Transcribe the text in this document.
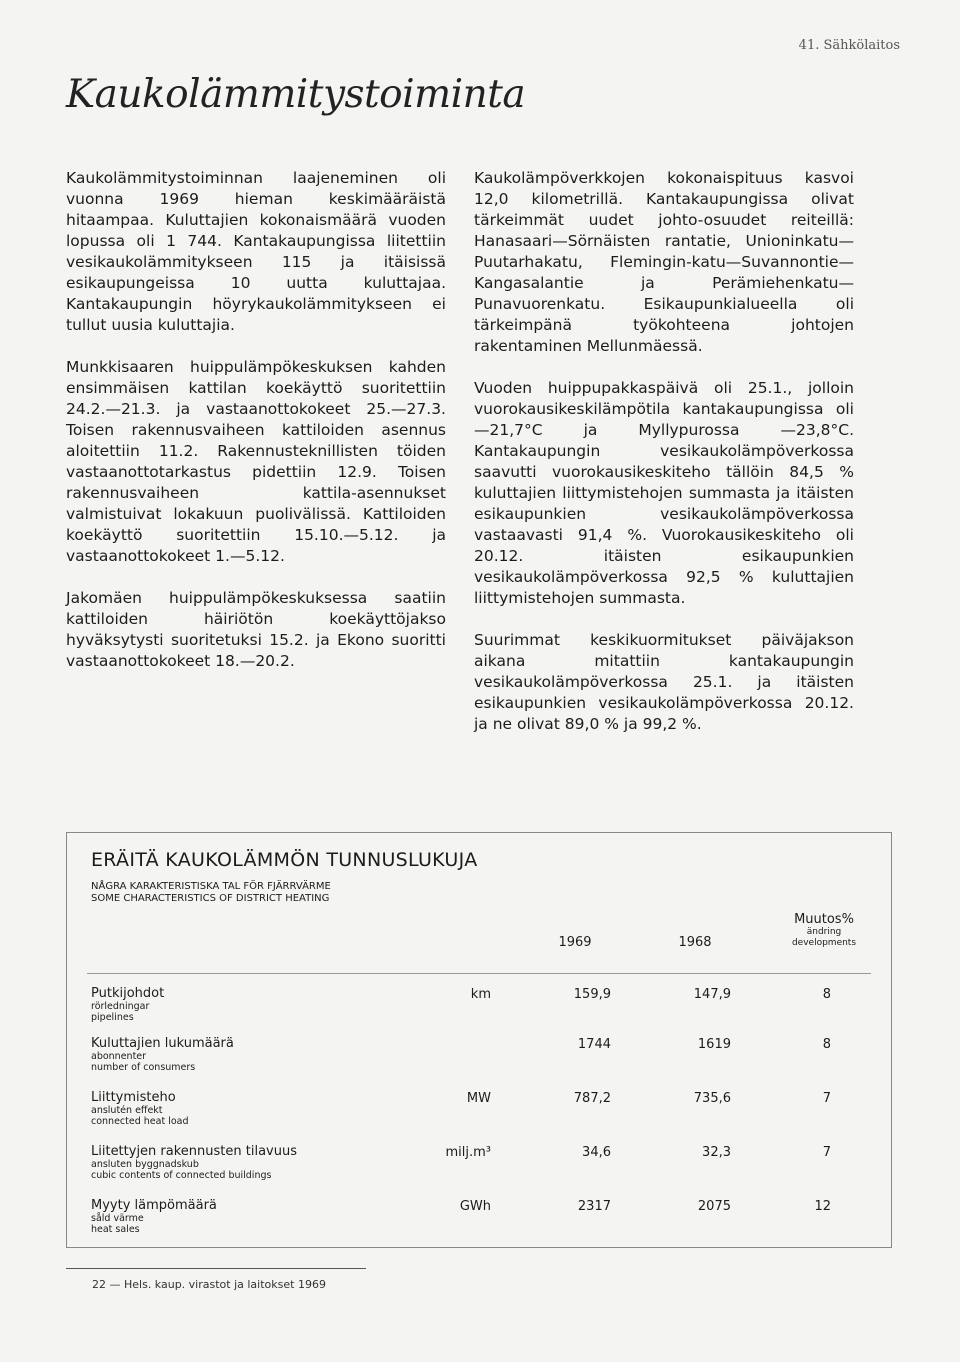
41. Sähkölaitos
Kaukolämmitystoiminta

Kaukolämmitystoiminnan laajeneminen oli vuonna 1969 hieman keskimääräistä hitaampaa. Kuluttajien kokonaismäärä vuoden lopussa oli 1 744. Kantakaupungissa liitettiin vesikaukolämmitykseen 115 ja itäisissä esikaupungeissa 10 uutta kuluttajaa. Kantakaupungin höyrykaukolämmitykseen ei tullut uusia kuluttajia.

Munkkisaaren huippulämpökeskuksen kahden ensimmäisen kattilan koekäyttö suoritettiin 24.2.—21.3. ja vastaanottokokeet 25.—27.3. Toisen rakennusvaiheen kattiloiden asennus aloitettiin 11.2. Rakennusteknillisten töiden vastaanottotarkastus pidettiin 12.9. Toisen rakennusvaiheen kattila-asennukset valmistuivat lokakuun puolivälissä. Kattiloiden koekäyttö suoritettiin 15.10.—5.12. ja vastaanottokokeet 1.—5.12.

Jakomäen huippulämpökeskuksessa saatiin kattiloiden häiriötön koekäyttöjakso hyväksytysti suoritetuksi 15.2. ja Ekono suoritti vastaanottokokeet 18.—20.2.

Kaukolämpöverkkojen kokonaispituus kasvoi 12,0 kilometrillä. Kantakaupungissa olivat tärkeimmät uudet johto-osuudet reiteillä: Hanasaari—Sörnäisten rantatie, Unioninkatu—Puutarhakatu, Flemingin-katu—Suvannontie—Kangasalantie ja Perämiehenkatu—Punavuorenkatu. Esikaupunkialueella oli tärkeimpänä työkohteena johtojen rakentaminen Mellunmäessä.

Vuoden huippupakkaspäivä oli 25.1., jolloin vuorokausikeskilämpötila kantakaupungissa oli —21,7°C ja Myllypurossa —23,8°C. Kantakaupungin vesikaukolämpöverkossa saavutti vuorokausikeskiteho tällöin 84,5 % kuluttajien liittymistehojen summasta ja itäisten esikaupunkien vesikaukolämpöverkossa vastaavasti 91,4 %. Vuorokausikeskiteho oli 20.12. itäisten esikaupunkien vesikaukolämpöverkossa 92,5 % kuluttajien liittymistehojen summasta.

Suurimmat keskikuormitukset päiväjakson aikana mitattiin kantakaupungin vesikaukolämpöverkossa 25.1. ja itäisten esikaupunkien vesikaukolämpöverkossa 20.12. ja ne olivat 89,0 % ja 99,2 %.

ERÄITÄ KAUKOLÄMMÖN TUNNUSLUKUJA
NÅGRA KARAKTERISTISKA TAL FÖR FJÄRRVÄRME
SOME CHARACTERISTICS OF DISTRICT HEATING
1969	1968
Muutos%
ändring
developments
Putkijohdot
rörledningar
pipelines
km	159,9	147,9	8
Kuluttajien lukumäärä
abonnenter
number of consumers
1744	1619	8
Liittymisteho
anslutén effekt
connected heat load
MW	787,2	735,6	7
Liitettyjen rakennusten tilavuus
ansluten byggnadskub
cubic contents of connected buildings
milj.m³	34,6	32,3	7
Myyty lämpömäärä
såld värme
heat sales
GWh	2317	2075	12
22 — Hels. kaup. virastot ja laitokset 1969
